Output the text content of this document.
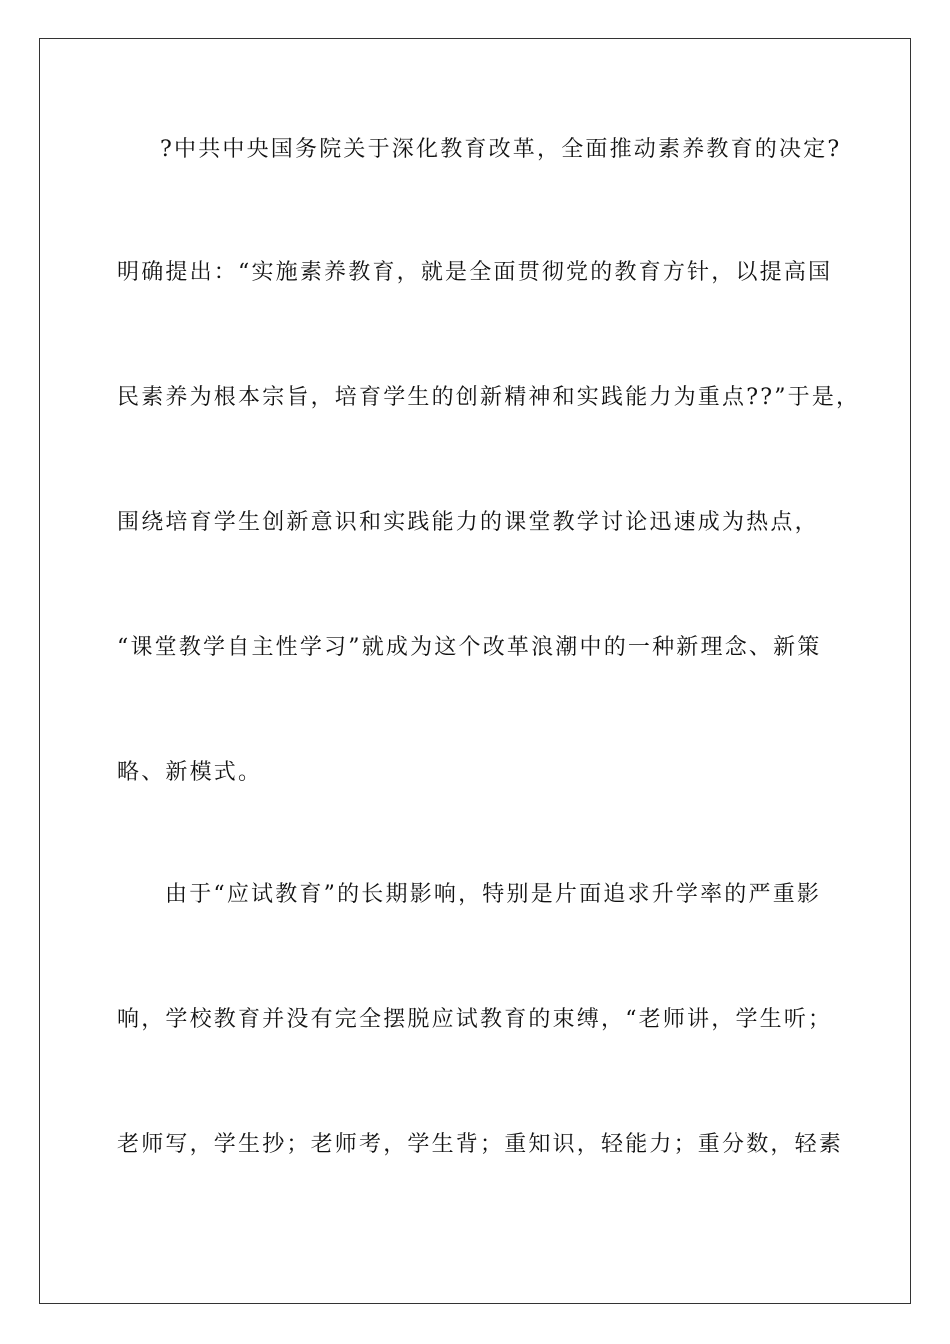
?中共中央国务院关于深化教育改革，全面推动素养教育的决定?
明确提出：“实施素养教育，就是全面贯彻党的教育方针，以提高国
民素养为根本宗旨，培育学生的创新精神和实践能力为重点??”于是，
围绕培育学生创新意识和实践能力的课堂教学讨论迅速成为热点，
“课堂教学自主性学习”就成为这个改革浪潮中的一种新理念、新策
略、新模式。
由于“应试教育”的长期影响，特别是片面追求升学率的严重影
响，学校教育并没有完全摆脱应试教育的束缚，“老师讲，学生听；
老师写，学生抄；老师考，学生背；重知识，轻能力；重分数，轻素
